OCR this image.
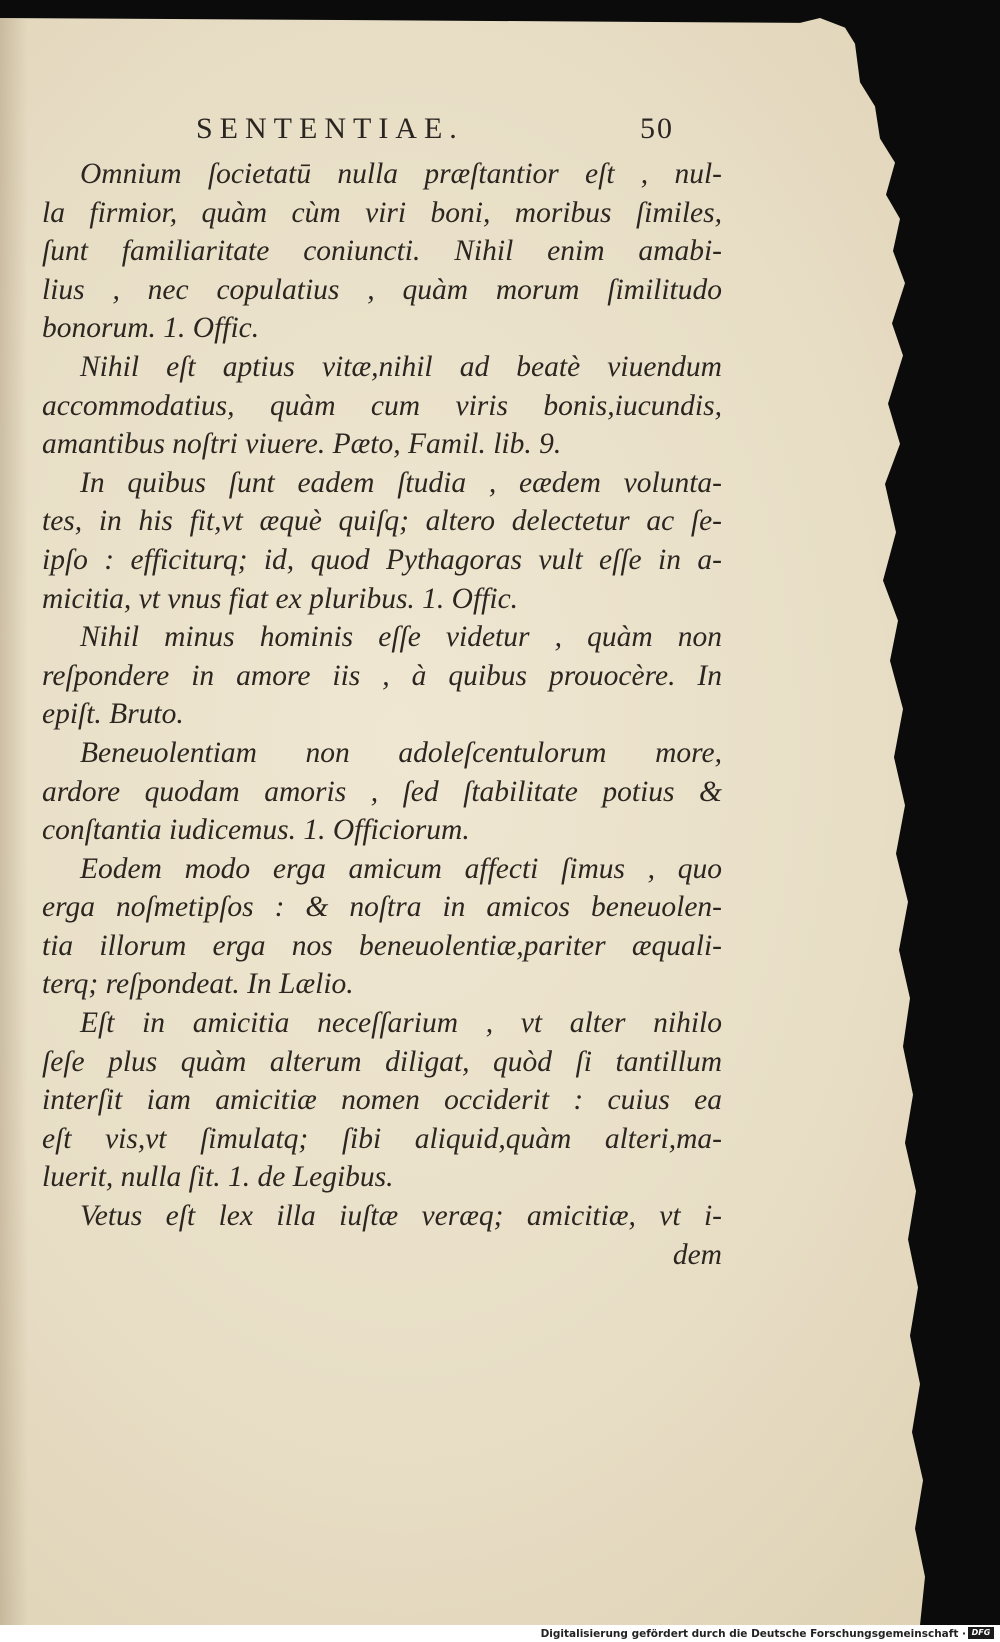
SENTENTIAE.	50
Omnium ſocietatū nulla præſtantior eſt , nul-
la firmior, quàm cùm viri boni, moribus ſimiles,
ſunt familiaritate coniuncti. Nihil enim amabi-
lius , nec copulatius , quàm morum ſimilitudo
bonorum. 1. Offic.
Nihil eſt aptius vitæ,nihil ad beatè viuendum
accommodatius, quàm cum viris bonis,iucundis,
amantibus noſtri viuere. Pæto, Famil. lib. 9.
In quibus ſunt eadem ſtudia , eædem volunta-
tes, in his fit,vt æquè quiſq; altero delectetur ac ſe-
ipſo : efficiturq; id, quod Pythagoras vult eſſe in a-
micitia, vt vnus fiat ex pluribus. 1. Offic.
Nihil minus hominis eſſe videtur , quàm non
reſpondere in amore iis , à quibus prouocère. In
epiſt. Bruto.
Beneuolentiam non adoleſcentulorum more,
ardore quodam amoris , ſed ſtabilitate potius &
conſtantia iudicemus. 1. Officiorum.
Eodem modo erga amicum affecti ſimus , quo
erga noſmetipſos : & noſtra in amicos beneuolen-
tia illorum erga nos beneuolentiæ,pariter æquali-
terq; reſpondeat. In Lælio.
Eſt in amicitia neceſſarium , vt alter nihilo
ſeſe plus quàm alterum diligat, quòd ſi tantillum
interſit iam amicitiæ nomen occiderit : cuius ea
eſt vis,vt ſimulatq; ſibi aliquid,quàm alteri,ma-
luerit, nulla ſit. 1. de Legibus.
Vetus eſt lex illa iuſtæ veræq; amicitiæ, vt i-
dem
Digitalisierung gefördert durch die Deutsche Forschungsgemeinschaft · DFG
